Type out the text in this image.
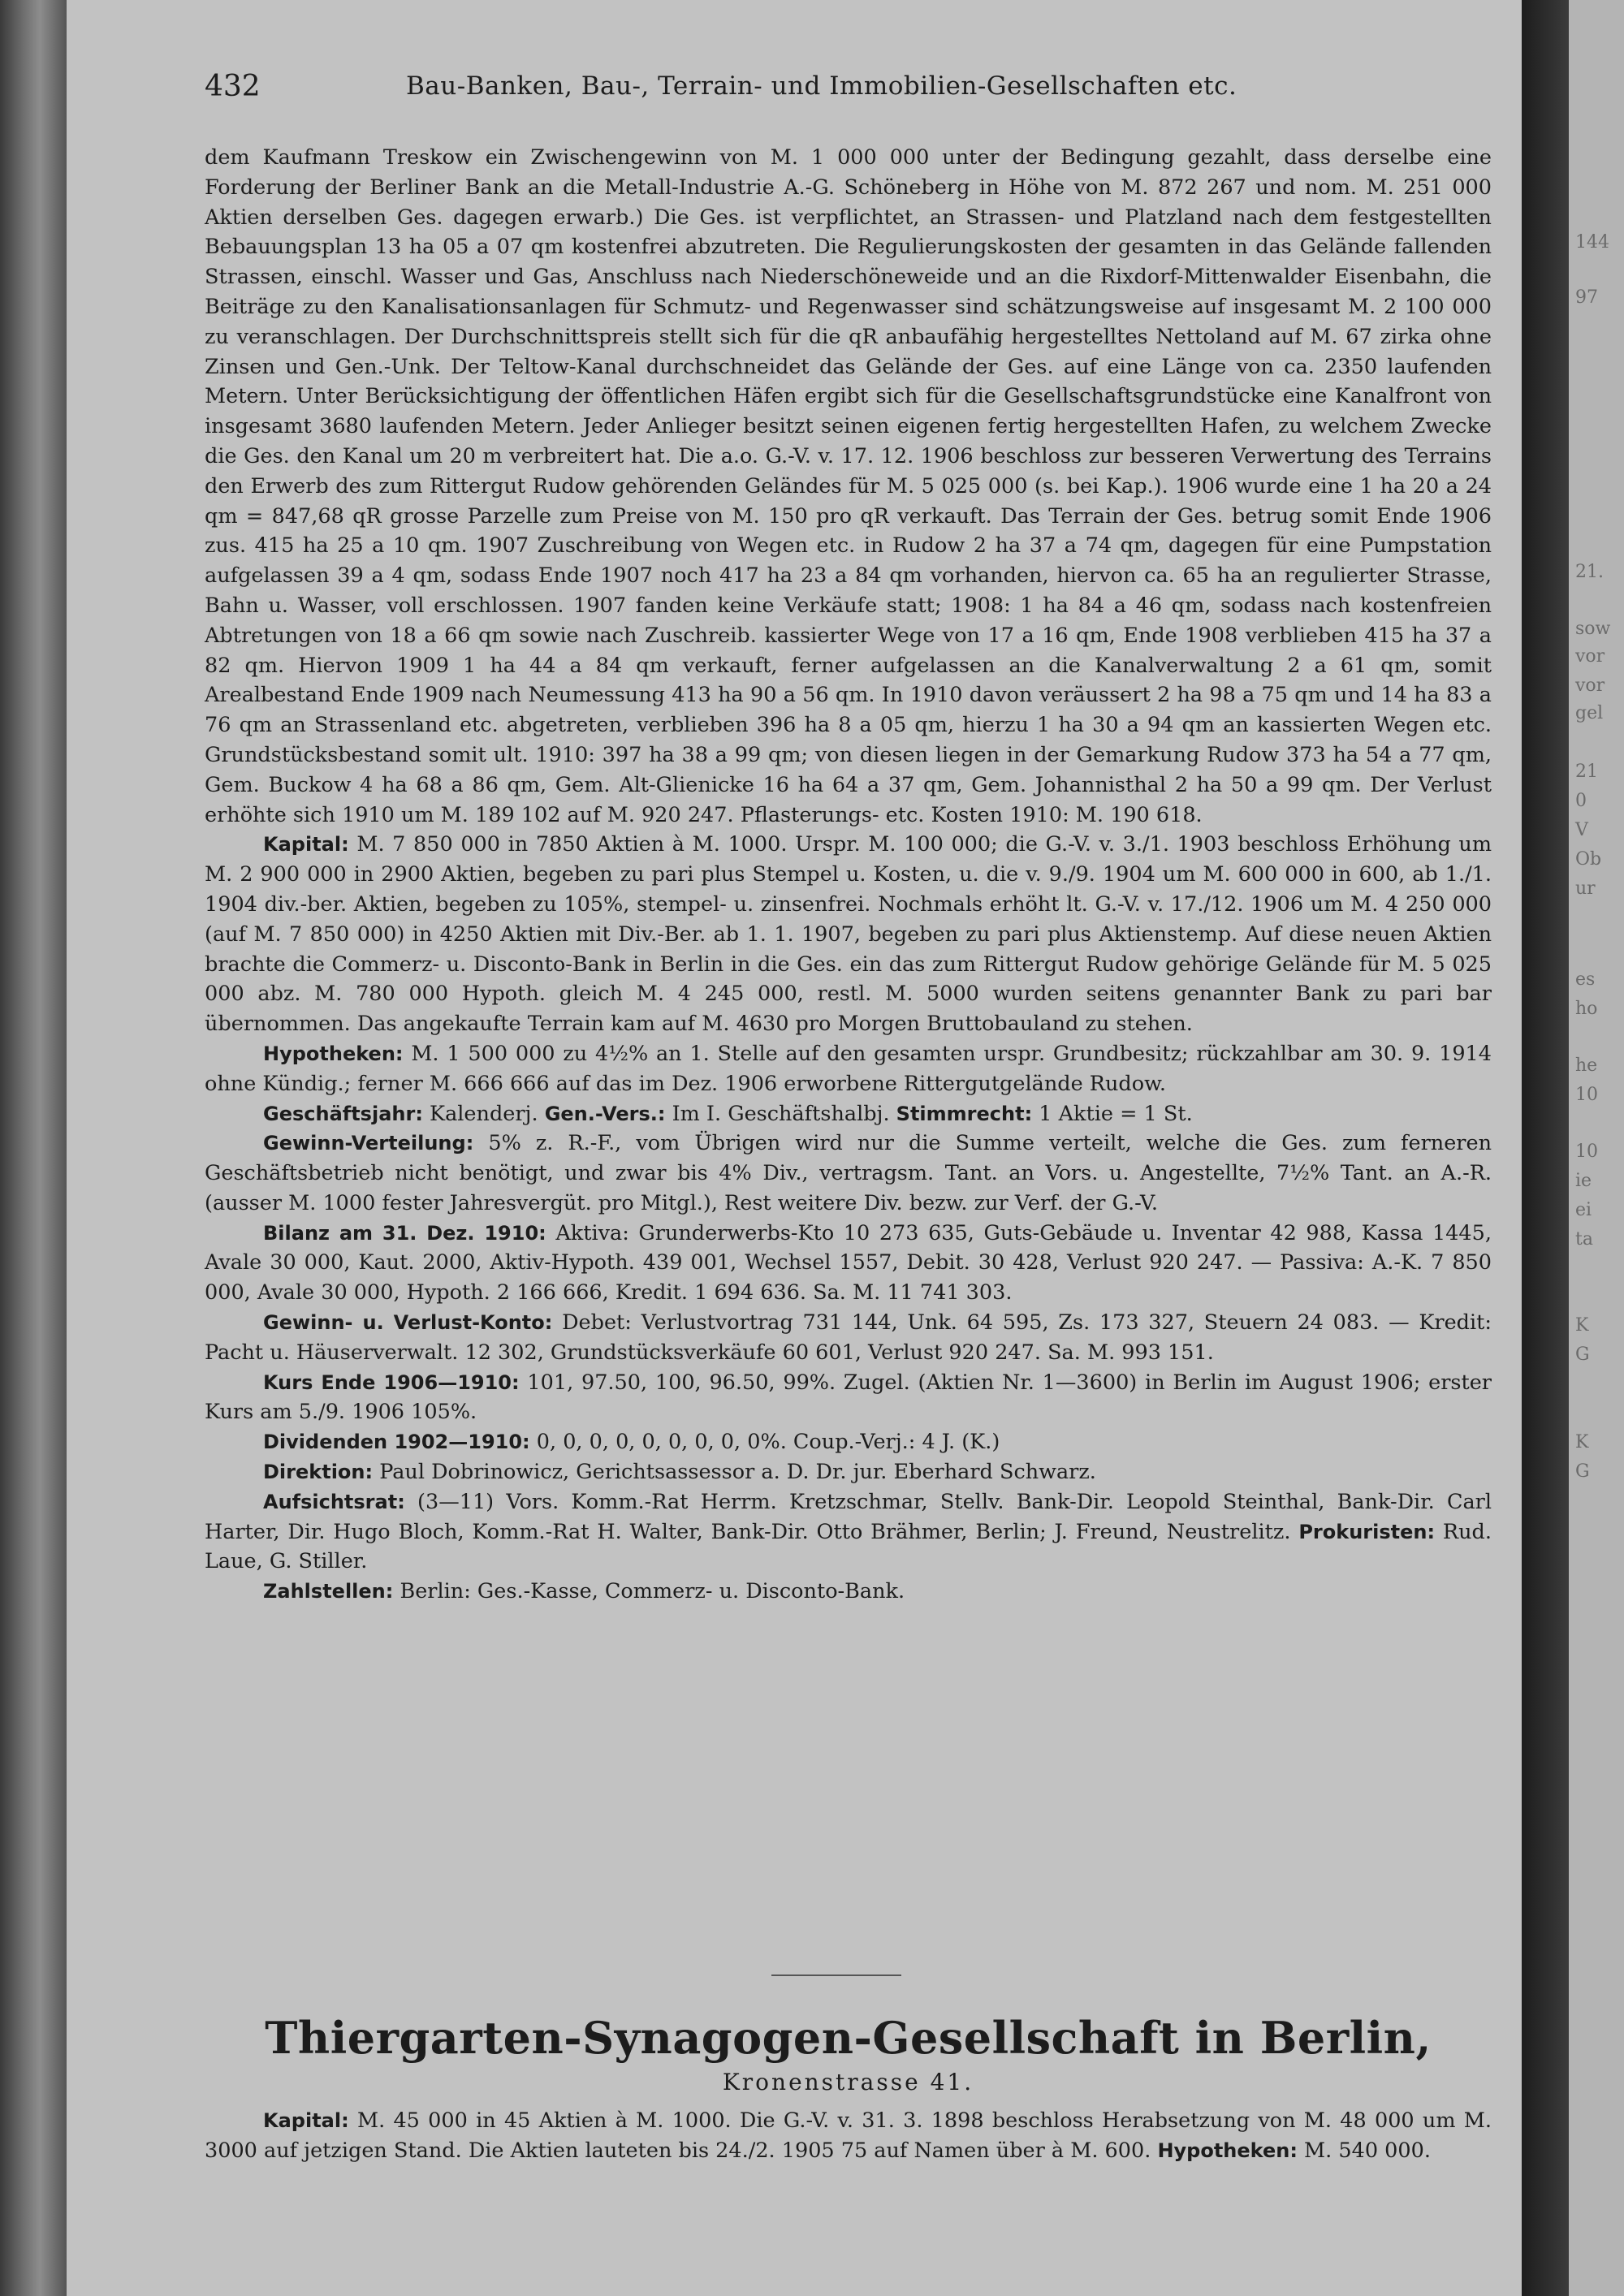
432	Bau-Banken, Bau-, Terrain- und Immobilien-Gesellschaften etc.

dem Kaufmann Treskow ein Zwischengewinn von M. 1 000 000 unter der Bedingung gezahlt, dass derselbe eine Forderung der Berliner Bank an die Metall-Industrie A.-G. Schöneberg in Höhe von M. 872 267 und nom. M. 251 000 Aktien derselben Ges. dagegen erwarb.) Die Ges. ist verpflichtet, an Strassen- und Platzland nach dem festgestellten Bebauungsplan 13 ha 05 a 07 qm kostenfrei abzutreten. Die Regulierungskosten der gesamten in das Gelände fallenden Strassen, einschl. Wasser und Gas, Anschluss nach Niederschöneweide und an die Rixdorf-Mittenwalder Eisenbahn, die Beiträge zu den Kanalisationsanlagen für Schmutz- und Regenwasser sind schätzungsweise auf insgesamt M. 2 100 000 zu veranschlagen. Der Durchschnittspreis stellt sich für die qR anbaufähig hergestelltes Nettoland auf M. 67 zirka ohne Zinsen und Gen.-Unk. Der Teltow-Kanal durchschneidet das Gelände der Ges. auf eine Länge von ca. 2350 laufenden Metern. Unter Berücksichtigung der öffentlichen Häfen ergibt sich für die Gesellschaftsgrundstücke eine Kanalfront von insgesamt 3680 laufenden Metern. Jeder Anlieger besitzt seinen eigenen fertig hergestellten Hafen, zu welchem Zwecke die Ges. den Kanal um 20 m verbreitert hat. Die a.o. G.-V. v. 17. 12. 1906 beschloss zur besseren Verwertung des Terrains den Erwerb des zum Rittergut Rudow gehörenden Geländes für M. 5 025 000 (s. bei Kap.). 1906 wurde eine 1 ha 20 a 24 qm = 847,68 qR grosse Parzelle zum Preise von M. 150 pro qR verkauft. Das Terrain der Ges. betrug somit Ende 1906 zus. 415 ha 25 a 10 qm. 1907 Zuschreibung von Wegen etc. in Rudow 2 ha 37 a 74 qm, dagegen für eine Pumpstation aufgelassen 39 a 4 qm, sodass Ende 1907 noch 417 ha 23 a 84 qm vorhanden, hiervon ca. 65 ha an regulierter Strasse, Bahn u. Wasser, voll erschlossen. 1907 fanden keine Verkäufe statt; 1908: 1 ha 84 a 46 qm, sodass nach kostenfreien Abtretungen von 18 a 66 qm sowie nach Zuschreib. kassierter Wege von 17 a 16 qm, Ende 1908 verblieben 415 ha 37 a 82 qm. Hiervon 1909 1 ha 44 a 84 qm verkauft, ferner aufgelassen an die Kanalverwaltung 2 a 61 qm, somit Arealbestand Ende 1909 nach Neumessung 413 ha 90 a 56 qm. In 1910 davon veräussert 2 ha 98 a 75 qm und 14 ha 83 a 76 qm an Strassenland etc. abgetreten, verblieben 396 ha 8 a 05 qm, hierzu 1 ha 30 a 94 qm an kassierten Wegen etc. Grundstücksbestand somit ult. 1910: 397 ha 38 a 99 qm; von diesen liegen in der Gemarkung Rudow 373 ha 54 a 77 qm, Gem. Buckow 4 ha 68 a 86 qm, Gem. Alt-Glienicke 16 ha 64 a 37 qm, Gem. Johannisthal 2 ha 50 a 99 qm. Der Verlust erhöhte sich 1910 um M. 189 102 auf M. 920 247. Pflasterungs- etc. Kosten 1910: M. 190 618.

Kapital: M. 7 850 000 in 7850 Aktien à M. 1000. Urspr. M. 100 000; die G.-V. v. 3./1. 1903 beschloss Erhöhung um M. 2 900 000 in 2900 Aktien, begeben zu pari plus Stempel u. Kosten, u. die v. 9./9. 1904 um M. 600 000 in 600, ab 1./1. 1904 div.-ber. Aktien, begeben zu 105%, stempel- u. zinsenfrei. Nochmals erhöht lt. G.-V. v. 17./12. 1906 um M. 4 250 000 (auf M. 7 850 000) in 4250 Aktien mit Div.-Ber. ab 1. 1. 1907, begeben zu pari plus Aktienstemp. Auf diese neuen Aktien brachte die Commerz- u. Disconto-Bank in Berlin in die Ges. ein das zum Rittergut Rudow gehörige Gelände für M. 5 025 000 abz. M. 780 000 Hypoth. gleich M. 4 245 000, restl. M. 5000 wurden seitens genannter Bank zu pari bar übernommen. Das angekaufte Terrain kam auf M. 4630 pro Morgen Bruttobauland zu stehen.

Hypotheken: M. 1 500 000 zu 4½% an 1. Stelle auf den gesamten urspr. Grundbesitz; rückzahlbar am 30. 9. 1914 ohne Kündig.; ferner M. 666 666 auf das im Dez. 1906 erworbene Rittergutgelände Rudow.

Geschäftsjahr: Kalenderj. Gen.-Vers.: Im I. Geschäftshalbj. Stimmrecht: 1 Aktie = 1 St.

Gewinn-Verteilung: 5% z. R.-F., vom Übrigen wird nur die Summe verteilt, welche die Ges. zum ferneren Geschäftsbetrieb nicht benötigt, und zwar bis 4% Div., vertragsm. Tant. an Vors. u. Angestellte, 7½% Tant. an A.-R. (ausser M. 1000 fester Jahresvergüt. pro Mitgl.), Rest weitere Div. bezw. zur Verf. der G.-V.

Bilanz am 31. Dez. 1910: Aktiva: Grunderwerbs-Kto 10 273 635, Guts-Gebäude u. Inventar 42 988, Kassa 1445, Avale 30 000, Kaut. 2000, Aktiv-Hypoth. 439 001, Wechsel 1557, Debit. 30 428, Verlust 920 247. — Passiva: A.-K. 7 850 000, Avale 30 000, Hypoth. 2 166 666, Kredit. 1 694 636. Sa. M. 11 741 303.

Gewinn- u. Verlust-Konto: Debet: Verlustvortrag 731 144, Unk. 64 595, Zs. 173 327, Steuern 24 083. — Kredit: Pacht u. Häuserverwalt. 12 302, Grundstücksverkäufe 60 601, Verlust 920 247. Sa. M. 993 151.

Kurs Ende 1906—1910: 101, 97.50, 100, 96.50, 99%. Zugel. (Aktien Nr. 1—3600) in Berlin im August 1906; erster Kurs am 5./9. 1906 105%.

Dividenden 1902—1910: 0, 0, 0, 0, 0, 0, 0, 0, 0%. Coup.-Verj.: 4 J. (K.)

Direktion: Paul Dobrinowicz, Gerichtsassessor a. D. Dr. jur. Eberhard Schwarz.

Aufsichtsrat: (3—11) Vors. Komm.-Rat Herrm. Kretzschmar, Stellv. Bank-Dir. Leopold Steinthal, Bank-Dir. Carl Harter, Dir. Hugo Bloch, Komm.-Rat H. Walter, Bank-Dir. Otto Brähmer, Berlin; J. Freund, Neustrelitz. Prokuristen: Rud. Laue, G. Stiller.

Zahlstellen: Berlin: Ges.-Kasse, Commerz- u. Disconto-Bank.

Thiergarten-Synagogen-Gesellschaft in Berlin,
Kronenstrasse 41.

Kapital: M. 45 000 in 45 Aktien à M. 1000. Die G.-V. v. 31. 3. 1898 beschloss Herabsetzung von M. 48 000 um M. 3000 auf jetzigen Stand. Die Aktien lauteten bis 24./2. 1905 75 auf Namen über à M. 600. Hypotheken: M. 540 000.

144
97
21.
sow
vor
vor
gel
21
0
V
Ob
ur
es
ho
he
10
10
ie
ei
ta
K
G
K
G
